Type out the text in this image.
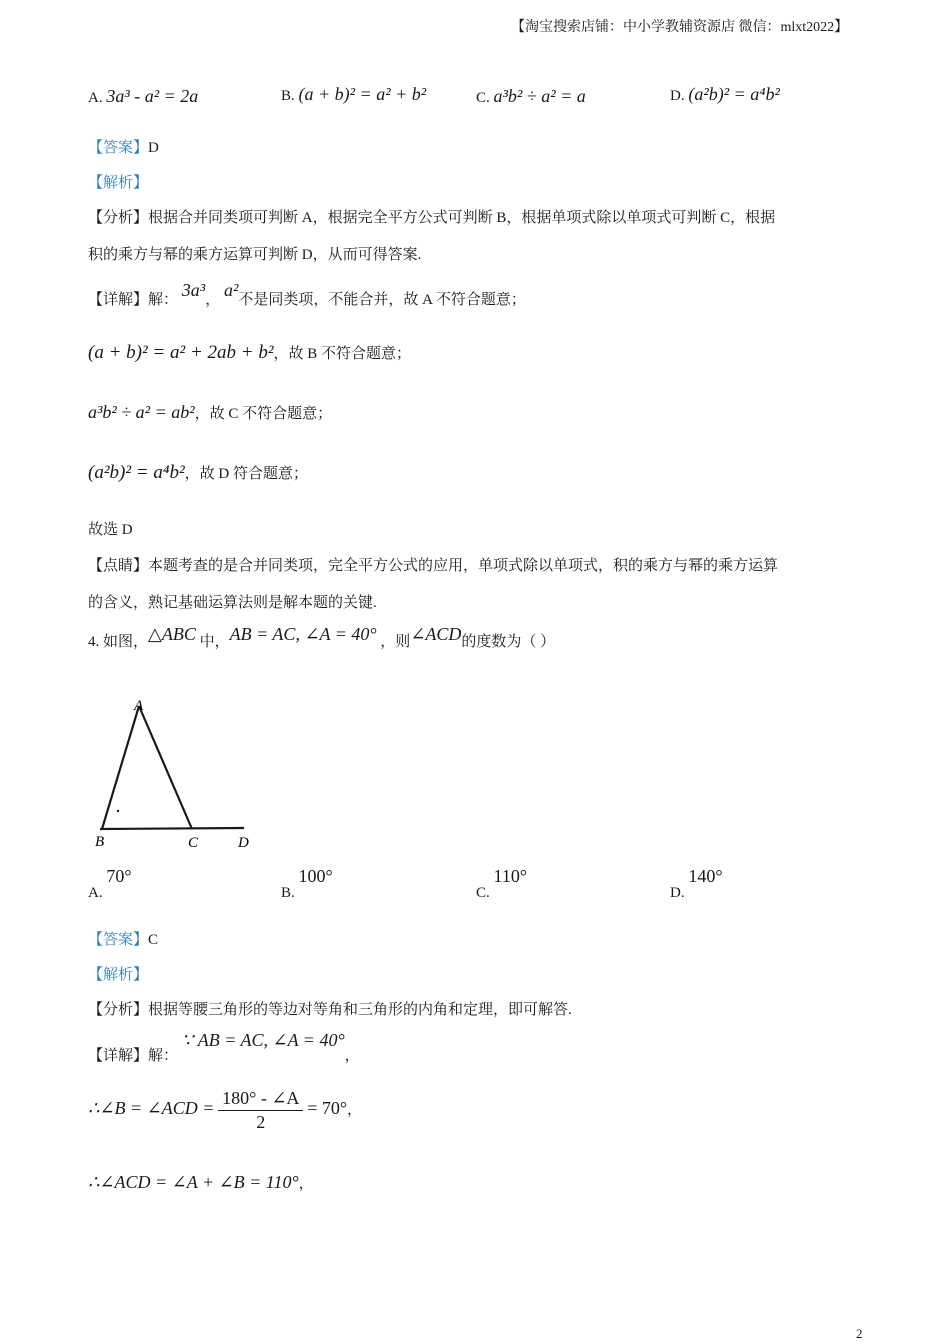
【淘宝搜索店铺：中小学教辅资源店 微信：mlxt2022】
A. 3a³ - a² = 2a	B. (a + b)² = a² + b²	C. a³b² ÷ a² = a	D. (a²b)² = a⁴b²
【答案】D
【解析】
【分析】根据合并同类项可判断 A，根据完全平方公式可判断 B，根据单项式除以单项式可判断 C，根据
积的乘方与幂的乘方运算可判断 D，从而可得答案.
【详解】解： 3a³， a²不是同类项，不能合并，故 A 不符合题意；
(a + b)² = a² + 2ab + b²，故 B 不符合题意；
a³b² ÷ a² = ab²，故 C 不符合题意；
(a²b)² = a⁴b²，故 D 符合题意；
故选 D
【点睛】本题考查的是合并同类项，完全平方公式的应用，单项式除以单项式，积的乘方与幂的乘方运算
的含义，熟记基础运算法则是解本题的关键.
4. 如图，△ABC 中，AB = AC, ∠A = 40° ，则∠ACD的度数为（ ）
A
B	C	D
A. 70°
B. 100°
C. 110°
D. 140°
【答案】C
【解析】
【分析】根据等腰三角形的等边对等角和三角形的内角和定理，即可解答.
【详解】解： ∵ AB = AC, ∠A = 40°，
∴∠B = ∠ACD = $\frac{180^\circ - \angle A}{2} = 70^\circ$，
∴∠ACD = ∠A + ∠B = 110°，
2
